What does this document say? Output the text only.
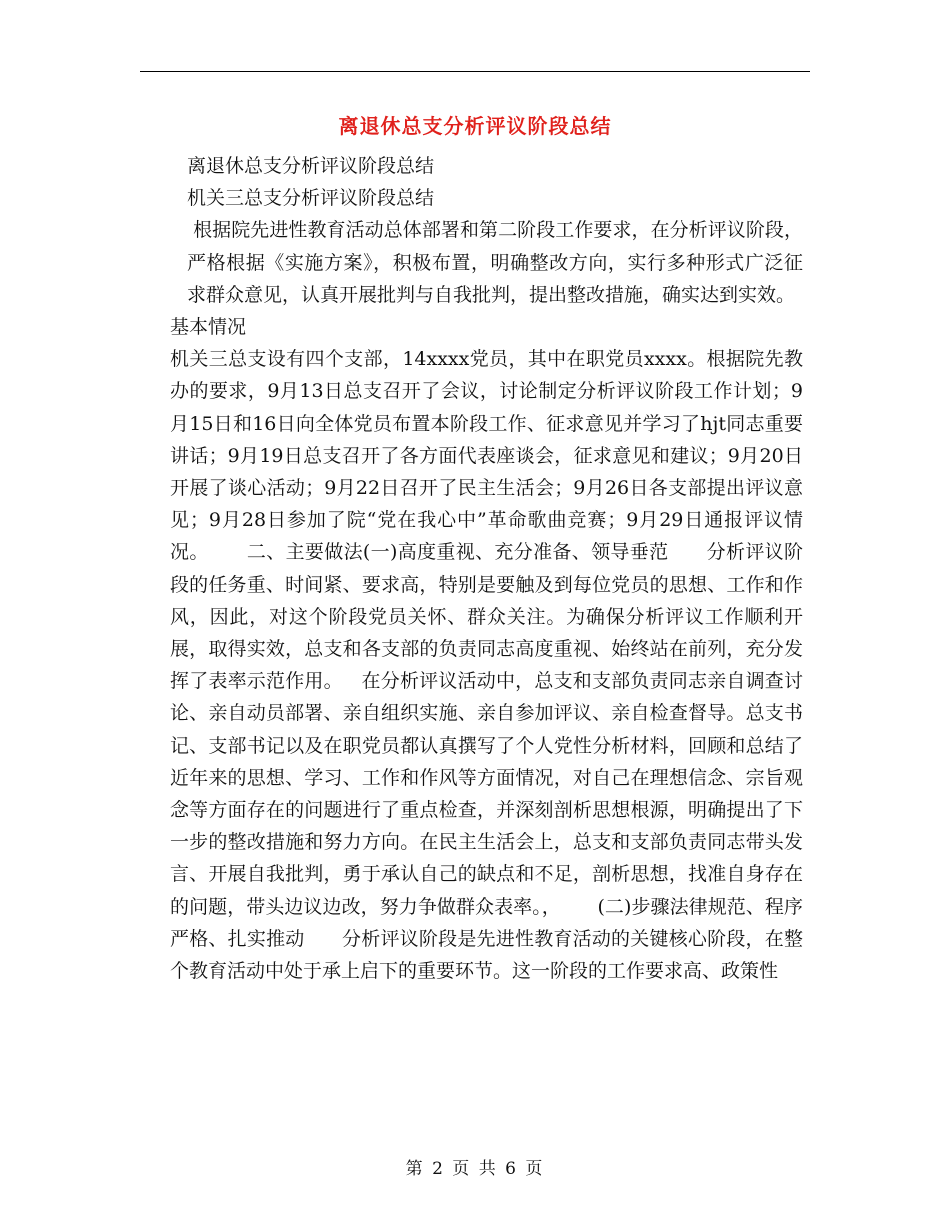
离退休总支分析评议阶段总结

离退休总支分析评议阶段总结

机关三总支分析评议阶段总结

根据院先进性教育活动总体部署和第二阶段工作要求，在分析评议阶段，严格根据《实施方案》，积极布置，明确整改方向，实行多种形式广泛征求群众意见，认真开展批判与自我批判，提出整改措施，确实达到实效。

基本情况

机关三总支设有四个支部，14xxxx党员，其中在职党员xxxx。根据院先教办的要求，9月13日总支召开了会议，讨论制定分析评议阶段工作计划；9月15日和16日向全体党员布置本阶段工作、征求意见并学习了hjt同志重要讲话；9月19日总支召开了各方面代表座谈会，征求意见和建议；9月20日开展了谈心活动；9月22日召开了民主生活会；9月26日各支部提出评议意见；9月28日参加了院“党在我心中”革命歌曲竞赛；9月29日通报评议情况。      二、主要做法(一)高度重视、充分准备、领导垂范      分析评议阶段的任务重、时间紧、要求高，特别是要触及到每位党员的思想、工作和作风，因此，对这个阶段党员关怀、群众关注。为确保分析评议工作顺利开展，取得实效，总支和各支部的负责同志高度重视、始终站在前列，充分发挥了表率示范作用。   在分析评议活动中，总支和支部负责同志亲自调查讨论、亲自动员部署、亲自组织实施、亲自参加评议、亲自检查督导。总支书记、支部书记以及在职党员都认真撰写了个人党性分析材料，回顾和总结了近年来的思想、学习、工作和作风等方面情况，对自己在理想信念、宗旨观念等方面存在的问题进行了重点检查，并深刻剖析思想根源，明确提出了下一步的整改措施和努力方向。在民主生活会上，总支和支部负责同志带头发言、开展自我批判，勇于承认自己的缺点和不足，剖析思想，找准自身存在的问题，带头边议边改，努力争做群众表率。，      (二)步骤法律规范、程序严格、扎实推动      分析评议阶段是先进性教育活动的关键核心阶段，在整个教育活动中处于承上启下的重要环节。这一阶段的工作要求高、政策性

第 2 页 共 6 页
